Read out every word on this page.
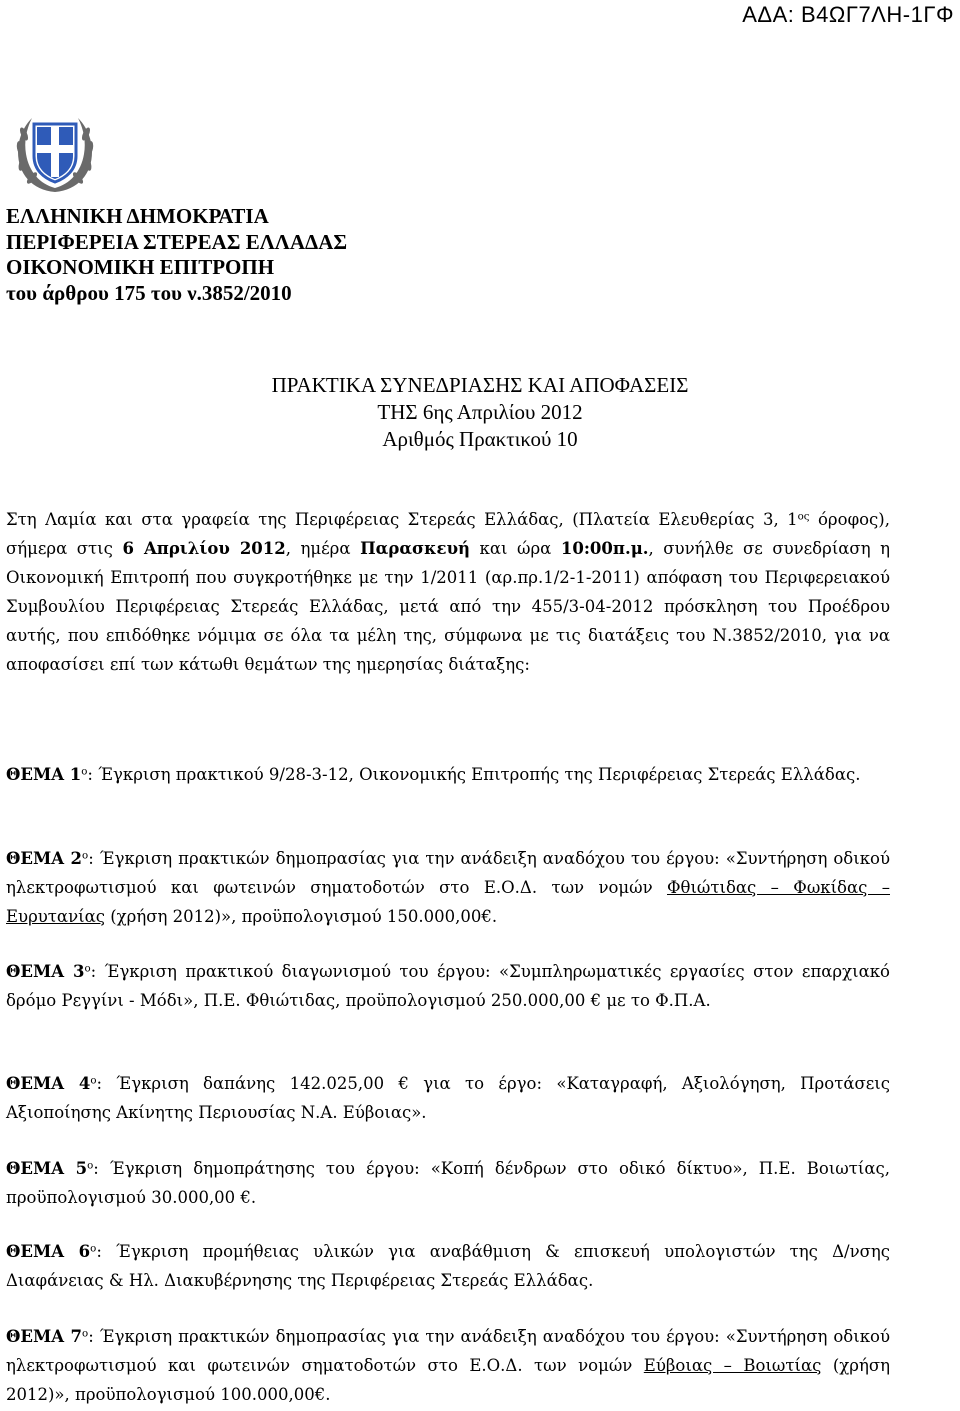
ΑΔΑ: Β4ΩΓ7ΛΗ-1ΓΦ
ΕΛΛΗΝΙΚΗ ΔΗΜΟΚΡΑΤΙΑ
ΠΕΡΙΦΕΡΕΙΑ ΣΤΕΡΕΑΣ ΕΛΛΑΔΑΣ
ΟΙΚΟΝΟΜΙΚΗ ΕΠΙΤΡΟΠΗ
του άρθρου 175 του ν.3852/2010
ΠΡΑΚΤΙΚΑ ΣΥΝΕΔΡΙΑΣΗΣ ΚΑΙ ΑΠΟΦΑΣΕΙΣ
ΤΗΣ 6ης Απριλίου 2012
Αριθμός Πρακτικού 10
Στη Λαμία και στα γραφεία της Περιφέρειας Στερεάς Ελλάδας, (Πλατεία Ελευθερίας 3, $1^{o\varsigma}$ όροφος), σήμερα στις 6 Απριλίου 2012, ημέρα Παρασκευή και ώρα 10:00π.μ., συνήλθε σε συνεδρίαση η Οικονομική Επιτροπή που συγκροτήθηκε με την 1/2011 (αρ.πρ.1/2-1-2011) απόφαση του Περιφερειακού Συμβουλίου Περιφέρειας Στερεάς Ελλάδας, μετά από την 455/3-04-2012 πρόσκληση του Προέδρου αυτής, που επιδόθηκε νόμιμα σε όλα τα μέλη της, σύμφωνα με τις διατάξεις του Ν.3852/2010, για να αποφασίσει επί των κάτωθι θεμάτων της ημερησίας διάταξης:
ΘΕΜΑ $1^o$: Έγκριση πρακτικού 9/28-3-12, Οικονομικής Επιτροπής της Περιφέρειας Στερεάς Ελλάδας.
ΘΕΜΑ $2^o$: Έγκριση πρακτικών δημοπρασίας για την ανάδειξη αναδόχου του έργου: «Συντήρηση οδικού ηλεκτροφωτισμού και φωτεινών σηματοδοτών στο Ε.Ο.Δ. των νομών Φθιώτιδας – Φωκίδας – Ευρυτανίας (χρήση 2012)», προϋπολογισμού 150.000,00€.
ΘΕΜΑ $3^o$: Έγκριση πρακτικού διαγωνισμού του έργου: «Συμπληρωματικές εργασίες στον επαρχιακό δρόμο Ρεγγίνι - Μόδι», Π.Ε. Φθιώτιδας, προϋπολογισμού 250.000,00 € με το Φ.Π.Α.
ΘΕΜΑ $4^o$: Έγκριση δαπάνης 142.025,00 € για το έργο: «Καταγραφή, Αξιολόγηση, Προτάσεις Αξιοποίησης Ακίνητης Περιουσίας Ν.Α. Εύβοιας».
ΘΕΜΑ $5^o$: Έγκριση δημοπράτησης του έργου: «Κοπή δένδρων στο οδικό δίκτυο», Π.Ε. Βοιωτίας, προϋπολογισμού 30.000,00 €.
ΘΕΜΑ $6^o$: Έγκριση προμήθειας υλικών για αναβάθμιση & επισκευή υπολογιστών της Δ/νσης Διαφάνειας & Ηλ. Διακυβέρνησης της Περιφέρειας Στερεάς Ελλάδας.
ΘΕΜΑ $7^o$: Έγκριση πρακτικών δημοπρασίας για την ανάδειξη αναδόχου του έργου: «Συντήρηση οδικού ηλεκτροφωτισμού και φωτεινών σηματοδοτών στο Ε.Ο.Δ. των νομών Εύβοιας – Βοιωτίας (χρήση 2012)», προϋπολογισμού 100.000,00€.
